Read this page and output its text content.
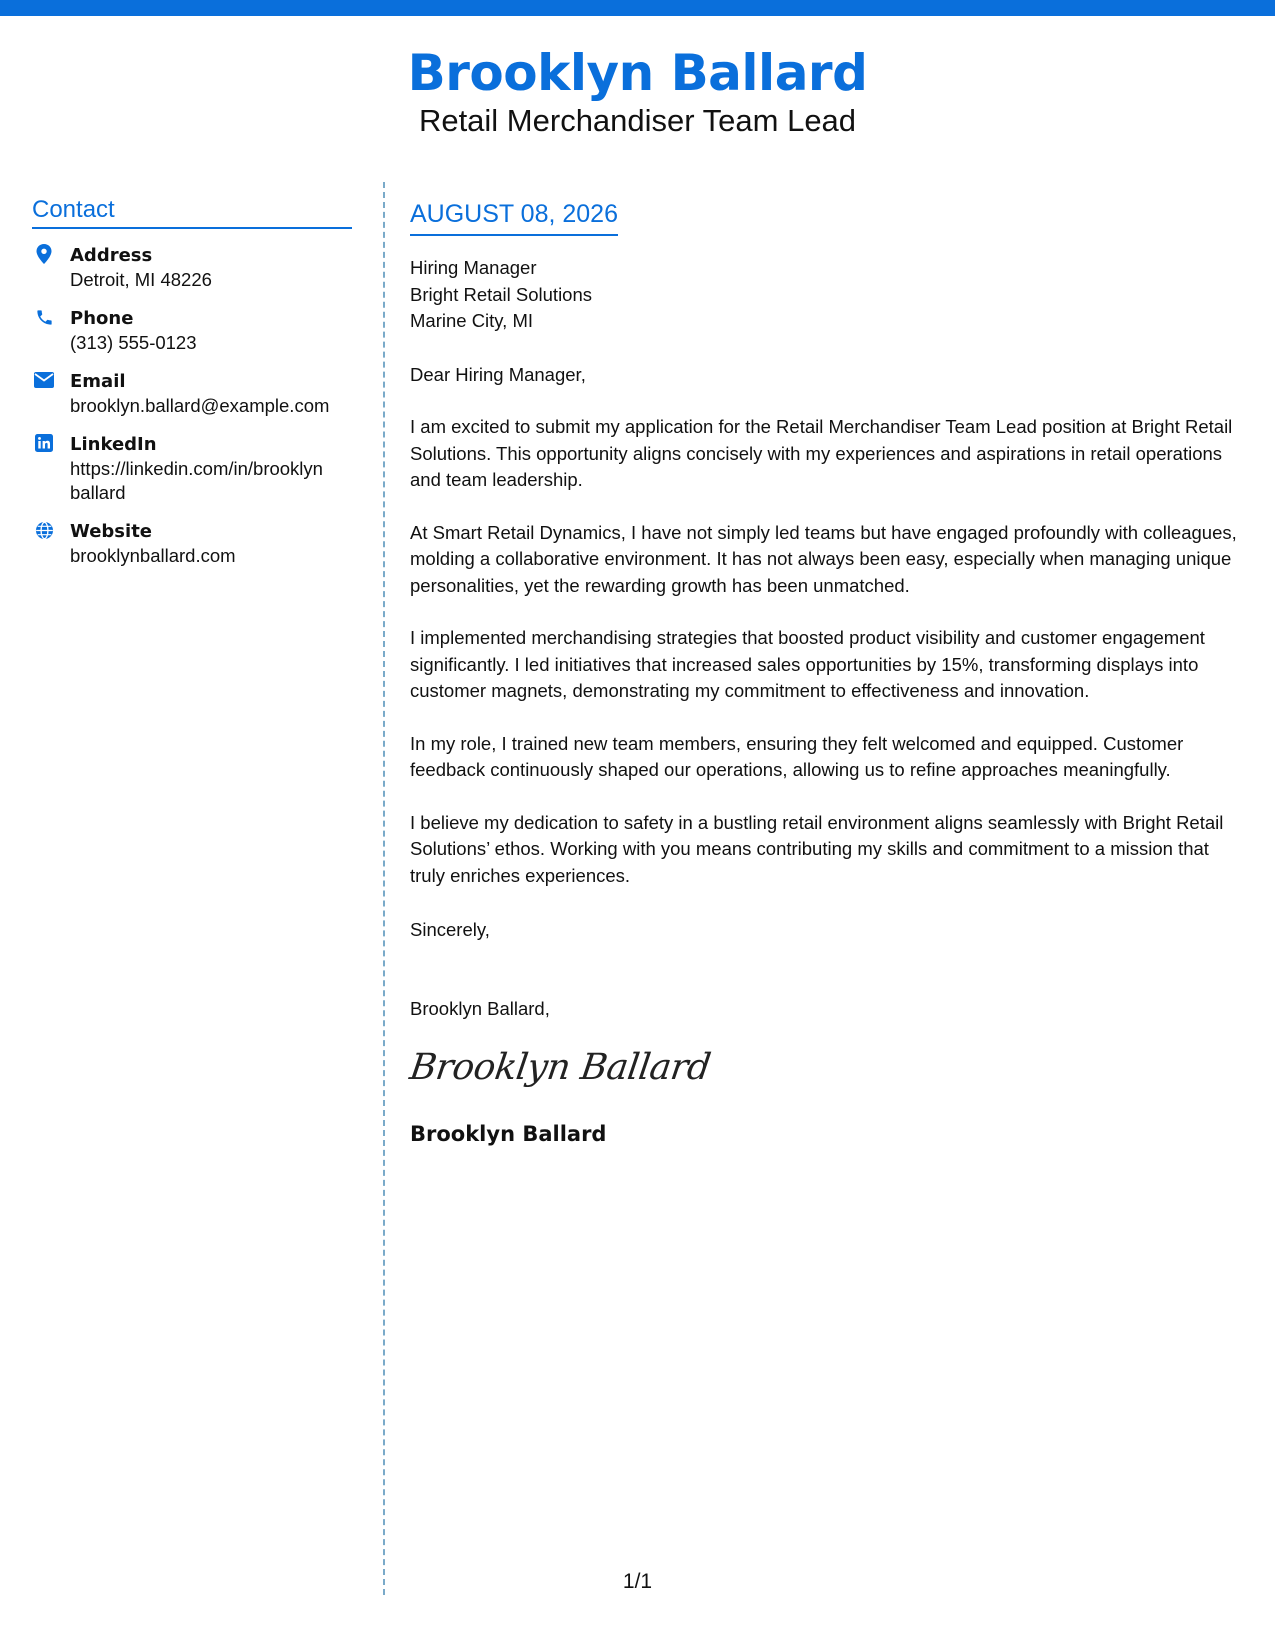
Brooklyn Ballard
Retail Merchandiser Team Lead
Contact
Address
Detroit, MI 48226
Phone
(313) 555-0123
Email
brooklyn.ballard@example.com
LinkedIn
https://linkedin.com/in/brooklyn
ballard
Website
brooklynballard.com
AUGUST 08, 2026
Hiring Manager
Bright Retail Solutions
Marine City, MI
Dear Hiring Manager,

I am excited to submit my application for the Retail Merchandiser Team Lead position at Bright Retail Solutions. This opportunity aligns concisely with my experiences and aspirations in retail operations and team leadership.

At Smart Retail Dynamics, I have not simply led teams but have engaged profoundly with colleagues, molding a collaborative environment. It has not always been easy, especially when managing unique personalities, yet the rewarding growth has been unmatched.

I implemented merchandising strategies that boosted product visibility and customer engagement significantly. I led initiatives that increased sales opportunities by 15%, transforming displays into customer magnets, demonstrating my commitment to effectiveness and innovation.

In my role, I trained new team members, ensuring they felt welcomed and equipped. Customer feedback continuously shaped our operations, allowing us to refine approaches meaningfully.

I believe my dedication to safety in a bustling retail environment aligns seamlessly with Bright Retail Solutions’ ethos. Working with you means contributing my skills and commitment to a mission that truly enriches experiences.

Sincerely,
Brooklyn Ballard,
Brooklyn Ballard
Brooklyn Ballard
1/1
